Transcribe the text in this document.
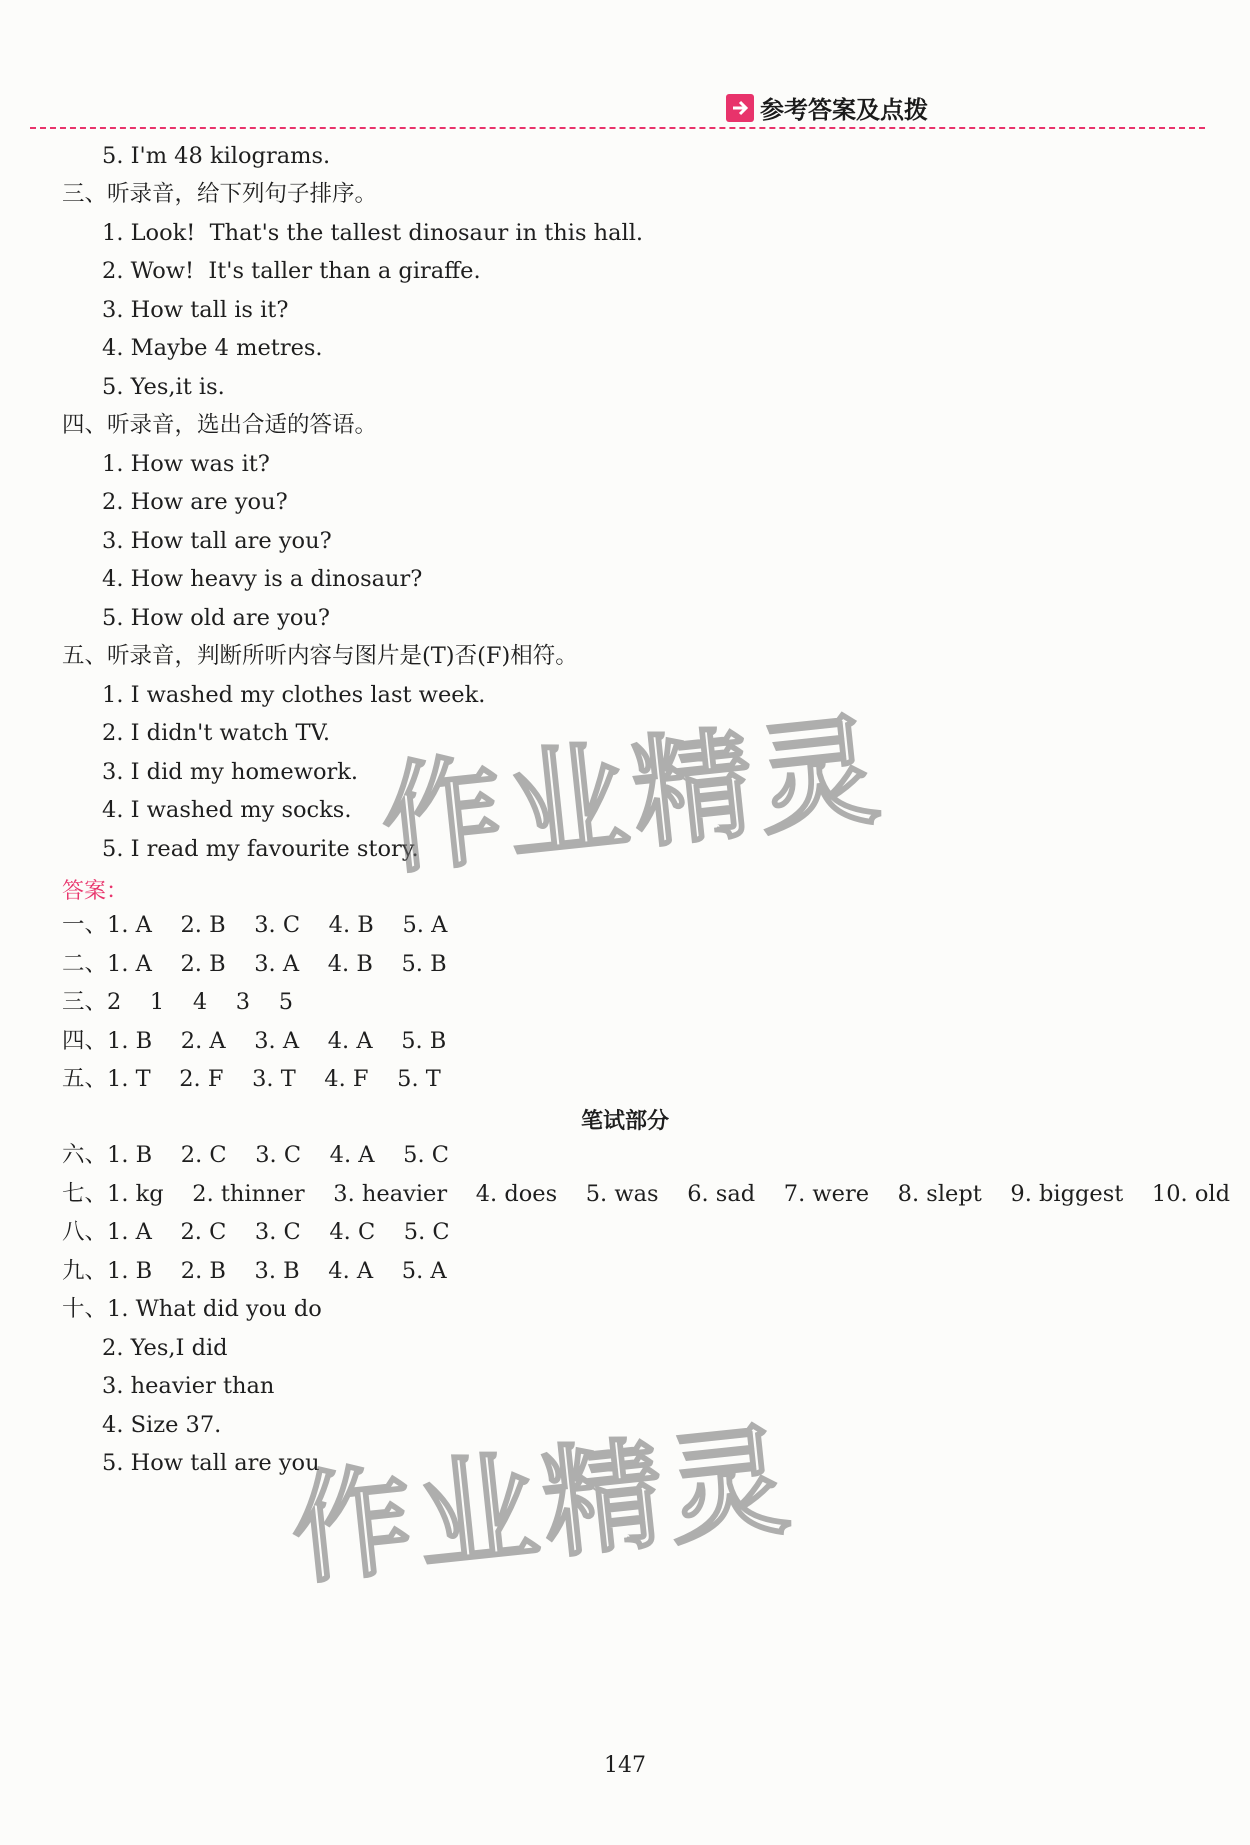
参考答案及点拨
5. I'm 48 kilograms.
三、听录音，给下列句子排序。
1. Look!  That's the tallest dinosaur in this hall.
2. Wow!  It's taller than a giraffe.
3. How tall is it?
4. Maybe 4 metres.
5. Yes,it is.
四、听录音，选出合适的答语。
1. How was it?
2. How are you?
3. How tall are you?
4. How heavy is a dinosaur?
5. How old are you?
五、听录音，判断所听内容与图片是(T)否(F)相符。
1. I washed my clothes last week.
2. I didn't watch TV.
3. I did my homework.
4. I washed my socks.
5. I read my favourite story.
答案：
一、1. A    2. B    3. C    4. B    5. A
二、1. A    2. B    3. A    4. B    5. B
三、2    1    4    3    5
四、1. B    2. A    3. A    4. A    5. B
五、1. T    2. F    3. T    4. F    5. T
笔试部分
六、1. B    2. C    3. C    4. A    5. C
七、1. kg    2. thinner    3. heavier    4. does    5. was    6. sad    7. were    8. slept    9. biggest    10. old
八、1. A    2. C    3. C    4. C    5. C
九、1. B    2. B    3. B    4. A    5. A
十、1. What did you do
2. Yes,I did
3. heavier than
4. Size 37.
5. How tall are you
作业精灵
作业精灵
147
